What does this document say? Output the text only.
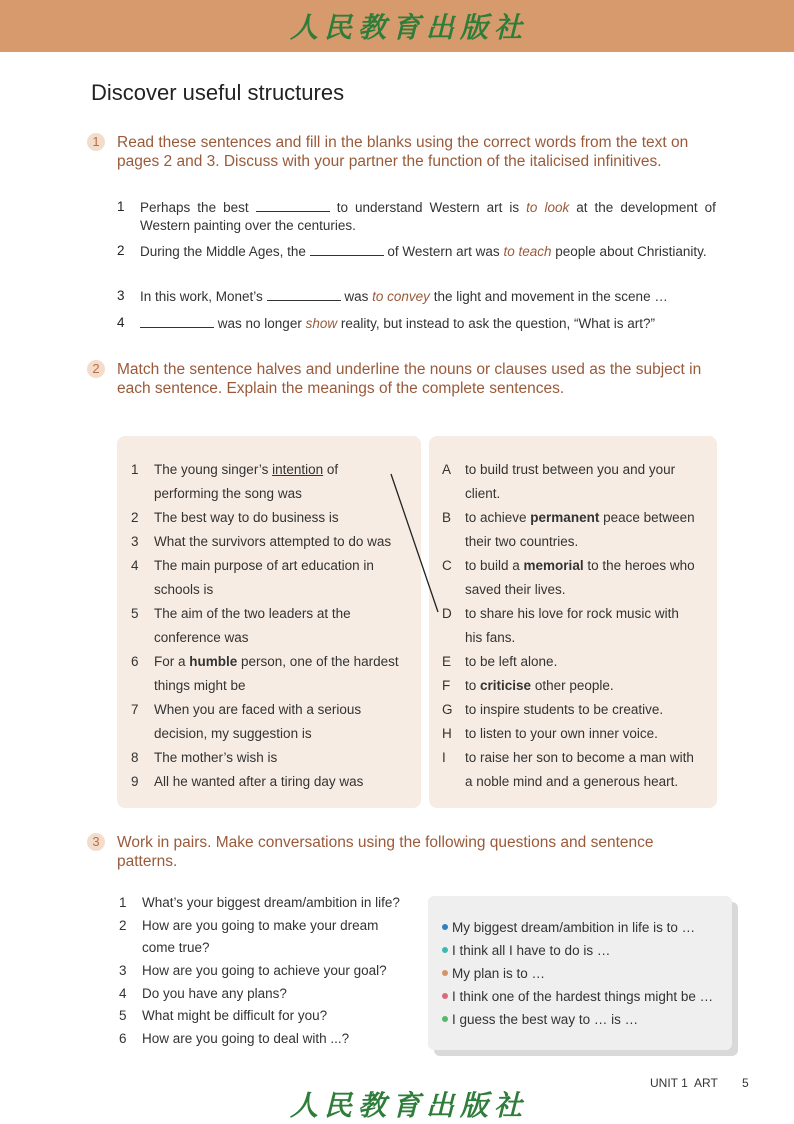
人民教育出版社
Discover useful structures
1	Read these sentences and fill in the blanks using the correct words from the text on pages 2 and 3. Discuss with your partner the function of the italicised infinitives.
1 Perhaps the best	to understand Western art is to look at the development of Western painting over the centuries.
2 During the Middle Ages, the	of Western art was to teach people about Christianity.
3 In this work, Monet’s	was to convey the light and movement in the scene …
4	was no longer show reality, but instead to ask the question, “What is art?”
2	Match the sentence halves and underline the nouns or clauses used as the subject in each sentence. Explain the meanings of the complete sentences.
1 The young singer’s intention of
performing the song was
2 The best way to do business is
3 What the survivors attempted to do was
4 The main purpose of art education in
schools is
5 The aim of the two leaders at the
conference was
6 For a humble person, one of the hardest
things might be
7 When you are faced with a serious
decision, my suggestion is
8 The mother’s wish is
9 All he wanted after a tiring day was
A to build trust between you and your
client.
B to achieve permanent peace between
their two countries.
C to build a memorial to the heroes who
saved their lives.
D to share his love for rock music with
his fans.
E to be left alone.
F to criticise other people.
G to inspire students to be creative.
H to listen to your own inner voice.
I to raise her son to become a man with
a noble mind and a generous heart.
3	Work in pairs. Make conversations using the following questions and sentence patterns.
1 What’s your biggest dream/ambition in life?
2 How are you going to make your dream
come true?
3 How are you going to achieve your goal?
4 Do you have any plans?
5 What might be difficult for you?
6 How are you going to deal with ...?
My biggest dream/ambition in life is to …
I think all I have to do is …
My plan is to …
I think one of the hardest things might be …
I guess the best way to … is …
UNIT 1 ART 5
人民教育出版社
